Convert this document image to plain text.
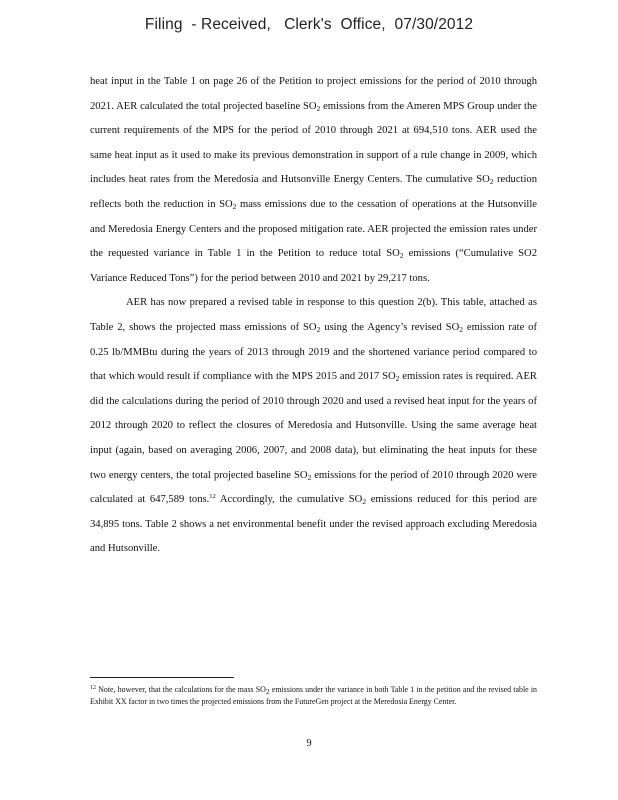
Filing  - Received,   Clerk's  Office,  07/30/2012

heat input in the Table 1 on page 26 of the Petition to project emissions for the period of 2010 through 2021. AER calculated the total projected baseline $SO_2$ emissions from the Ameren MPS Group under the current requirements of the MPS for the period of 2010 through 2021 at 694,510 tons. AER used the same heat input as it used to make its previous demonstration in support of a rule change in 2009, which includes heat rates from the Meredosia and Hutsonville Energy Centers. The cumulative $SO_2$ reduction reflects both the reduction in $SO_2$ mass emissions due to the cessation of operations at the Hutsonville and Meredosia Energy Centers and the proposed mitigation rate. AER projected the emission rates under the requested variance in Table 1 in the Petition to reduce total $SO_2$ emissions (“Cumulative SO2 Variance Reduced Tons”) for the period between 2010 and 2021 by 29,217 tons.

AER has now prepared a revised table in response to this question 2(b). This table, attached as Table 2, shows the projected mass emissions of $SO_2$ using the Agency’s revised $SO_2$ emission rate of 0.25 lb/MMBtu during the years of 2013 through 2019 and the shortened variance period compared to that which would result if compliance with the MPS 2015 and 2017 $SO_2$ emission rates is required. AER did the calculations during the period of 2010 through 2020 and used a revised heat input for the years of 2012 through 2020 to reflect the closures of Meredosia and Hutsonville. Using the same average heat input (again, based on averaging 2006, 2007, and 2008 data), but eliminating the heat inputs for these two energy centers, the total projected baseline $SO_2$ emissions for the period of 2010 through 2020 were calculated at 647,589 tons.$^{12}$ Accordingly, the cumulative $SO_2$ emissions reduced for this period are 34,895 tons. Table 2 shows a net environmental benefit under the revised approach excluding Meredosia and Hutsonville.

$^{12}$ Note, however, that the calculations for the mass SO2 emissions under the variance in both Table 1 in the petition and the revised table in Exhibit XX factor in two times the projected emissions from the FutureGen project at the Meredosia Energy Center.
9
